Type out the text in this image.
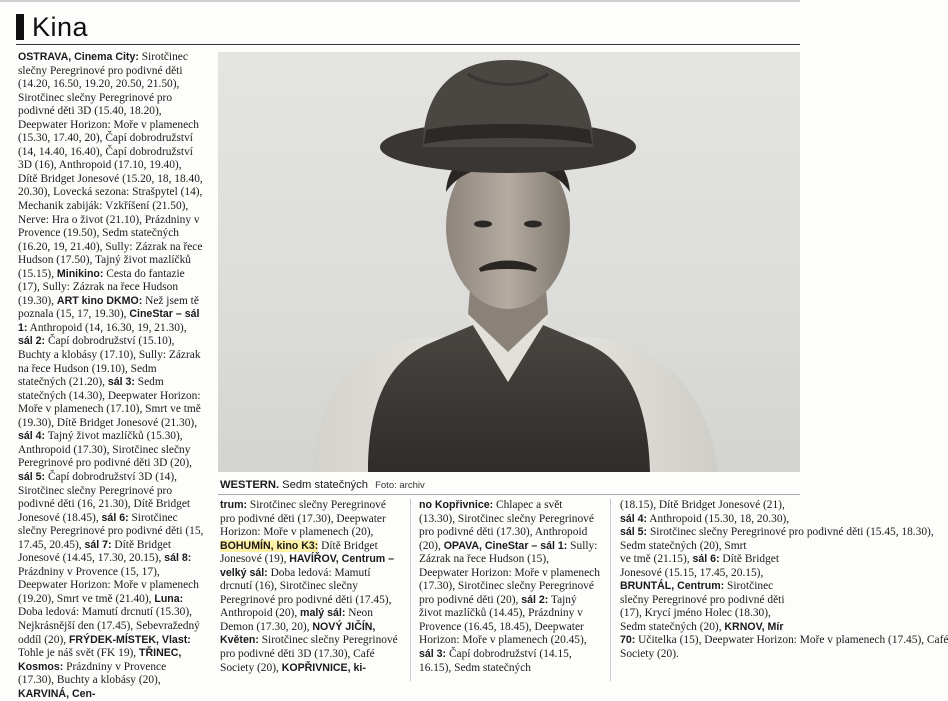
Kina
OSTRAVA, Cinema City: Sirotčinec slečny Peregrinové pro podivné děti (14.20, 16.50, 19.20, 20.50, 21.50), Sirotčinec slečny Peregrinové pro podivné děti 3D (15.40, 18.20), Deepwater Horizon: Moře v plamenech (15.30, 17.40, 20), Čapí dobrodružství (14, 14.40, 16.40), Čapí dobrodružství 3D (16), Anthropoid (17.10, 19.40), Dítě Bridget Jonesové (15.20, 18, 18.40, 20.30), Lovecká sezona: Strašpytel (14), Mechanik zabiják: Vzkříšení (21.50), Nerve: Hra o život (21.10), Prázdniny v Provence (19.50), Sedm statečných (16.20, 19, 21.40), Sully: Zázrak na řece Hudson (17.50), Tajný život mazlíčků (15.15), Minikino: Cesta do fantazie (17), Sully: Zázrak na řece Hudson (19.30), ART kino DKMO: Než jsem tě poznala (15, 17, 19.30), CineStar – sál 1: Anthropoid (14, 16.30, 19, 21.30), sál 2: Čapí dobrodružství (15.10), Buchty a klobásy (17.10), Sully: Zázrak na řece Hudson (19.10), Sedm statečných (21.20), sál 3: Sedm statečných (14.30), Deepwater Horizon: Moře v plamenech (17.10), Smrt ve tmě (19.30), Dítě Bridget Jonesové (21.30), sál 4: Tajný život mazlíčků (15.30), Anthropoid (17.30), Sirotčinec slečny Peregrinové pro podivné děti 3D (20), sál 5: Čapí dobrodružství 3D (14), Sirotčinec slečny Peregrinové pro podivné děti (16, 21.30), Dítě Bridget Jonesové (18.45), sál 6: Sirotčinec slečny Peregrinové pro podivné děti (15, 17.45, 20.45), sál 7: Dítě Bridget Jonesové (14.45, 17.30, 20.15), sál 8: Prázdniny v Provence (15, 17), Deepwater Horizon: Moře v plamenech (19.20), Smrt ve tmě (21.40), Luna: Doba ledová: Mamutí drcnutí (15.30), Nejkrásnější den (17.45), Sebevražedný oddíl (20), FRÝDEK-MÍSTEK, Vlast: Tohle je náš svět (FK 19), TŘINEC, Kosmos: Prázdniny v Provence (17.30), Buchty a klobásy (20), KARVINÁ, Cen-
WESTERN. Sedm statečných Foto: archiv
trum: Sirotčinec slečny Peregrinové pro podivné děti (17.30), Deepwater Horizon: Moře v plamenech (20), BOHUMÍN, kino K3: Dítě Bridget Jonesové (19), HAVÍŘOV, Centrum – velký sál: Doba ledová: Mamutí drcnutí (16), Sirotčinec slečny Peregrinové pro podivné děti (17.45), Anthropoid (20), malý sál: Neon Demon (17.30, 20), NOVÝ JIČÍN, Květen: Sirotčinec slečny Peregrinové pro podivné děti 3D (17.30), Café Society (20), KOPŘIVNICE, ki-
no Kopřivnice: Chlapec a svět (13.30), Sirotčinec slečny Peregrinové pro podivné děti (17.30), Anthropoid (20), OPAVA, CineStar – sál 1: Sully: Zázrak na řece Hudson (15), Deepwater Horizon: Moře v plamenech (17.30), Sirotčinec slečny Peregrinové pro podivné děti (20), sál 2: Tajný život mazlíčků (14.45), Prázdniny v Provence (16.45, 18.45), Deepwater Horizon: Moře v plamenech (20.45), sál 3: Čapí dobrodružství (14.15, 16.15), Sedm statečných
(18.15), Dítě Bridget Jonesové (21),
sál 4: Anthropoid (15.30, 18, 20.30),
sál 5: Sirotčinec slečny Peregrinové pro podivné děti (15.45, 18.30),
Sedm statečných (20), Smrt
ve tmě (21.15), sál 6: Dítě Bridget
Jonesové (15.15, 17.45, 20.15),
BRUNTÁL, Centrum: Sirotčinec
slečny Peregrinové pro podivné děti
(17), Krycí jméno Holec (18.30),
Sedm statečných (20), KRNOV, Mír
70: Učitelka (15), Deepwater Horizon: Moře v plamenech (17.45), Café
Society (20).
